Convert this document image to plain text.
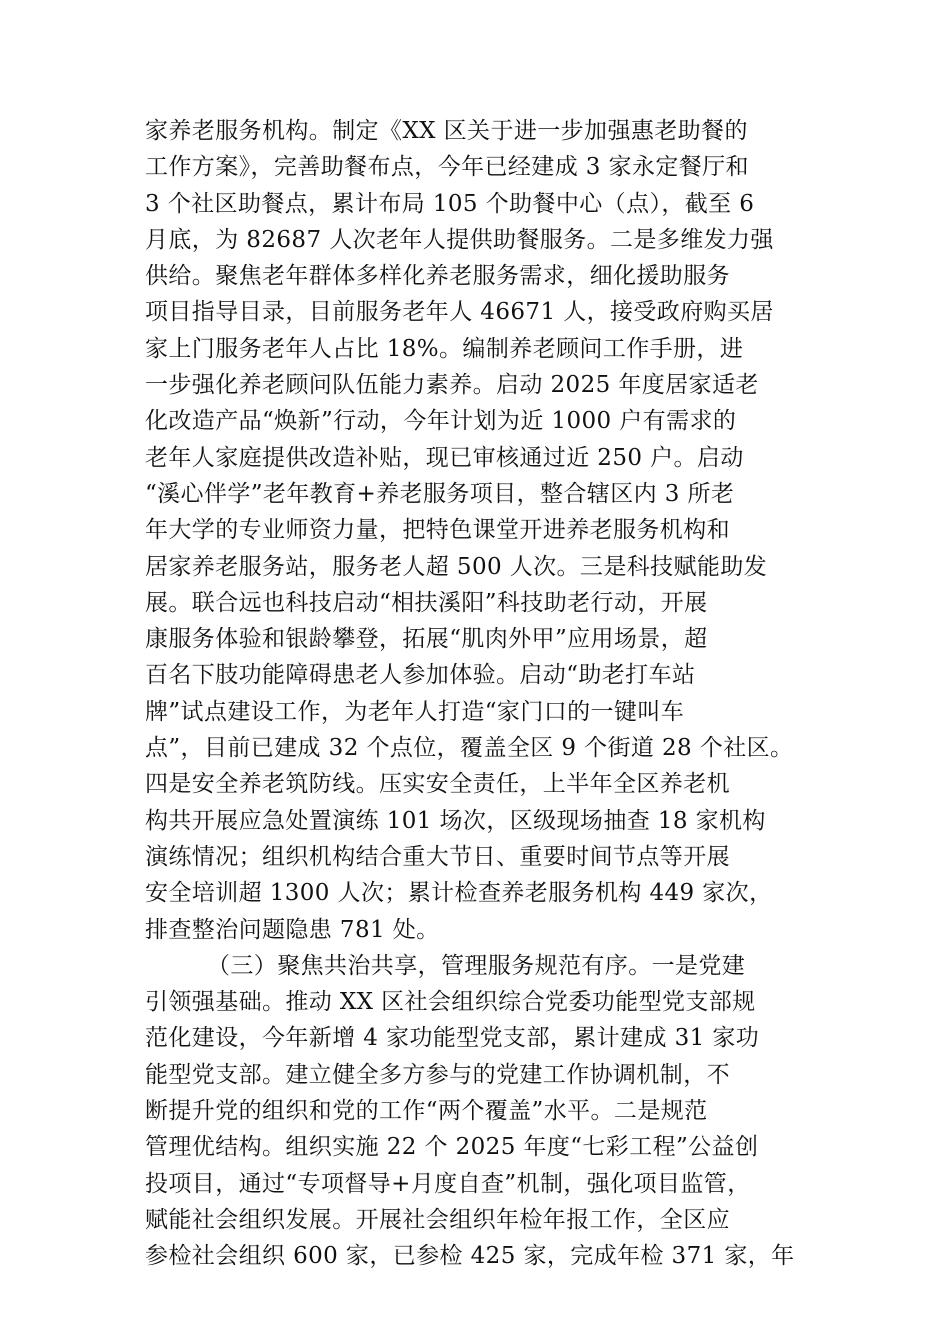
家养老服务机构。制定《XX 区关于进一步加强惠老助餐的
工作方案》，完善助餐布点，今年已经建成 3 家永定餐厅和
3 个社区助餐点，累计布局 105 个助餐中心（点），截至 6
月底，为 82687 人次老年人提供助餐服务。二是多维发力强
供给。聚焦老年群体多样化养老服务需求，细化援助服务
项目指导目录，目前服务老年人 46671 人，接受政府购买居
家上门服务老年人占比 18%。编制养老顾问工作手册，进
一步强化养老顾问队伍能力素养。启动 2025 年度居家适老
化改造产品“焕新”行动，今年计划为近 1000 户有需求的
老年人家庭提供改造补贴，现已审核通过近 250 户。启动
“溪心伴学”老年教育+养老服务项目，整合辖区内 3 所老
年大学的专业师资力量，把特色课堂开进养老服务机构和
居家养老服务站，服务老人超 500 人次。三是科技赋能助发
展。联合远也科技启动“相扶溪阳”科技助老行动，开展
康服务体验和银龄攀登，拓展“肌肉外甲”应用场景，超
百名下肢功能障碍患老人参加体验。启动“助老打车站
牌”试点建设工作，为老年人打造“家门口的一键叫车
点”，目前已建成 32 个点位，覆盖全区 9 个街道 28 个社区。
四是安全养老筑防线。压实安全责任，上半年全区养老机
构共开展应急处置演练 101 场次，区级现场抽查 18 家机构
演练情况；组织机构结合重大节日、重要时间节点等开展
安全培训超 1300 人次；累计检查养老服务机构 449 家次，
排查整治问题隐患 781 处。
（三）聚焦共治共享，管理服务规范有序。一是党建
引领强基础。推动 XX 区社会组织综合党委功能型党支部规
范化建设，今年新增 4 家功能型党支部，累计建成 31 家功
能型党支部。建立健全多方参与的党建工作协调机制，不
断提升党的组织和党的工作“两个覆盖”水平。二是规范
管理优结构。组织实施 22 个 2025 年度“七彩工程”公益创
投项目，通过“专项督导+月度自查”机制，强化项目监管，
赋能社会组织发展。开展社会组织年检年报工作，全区应
参检社会组织 600 家，已参检 425 家，完成年检 371 家，年
